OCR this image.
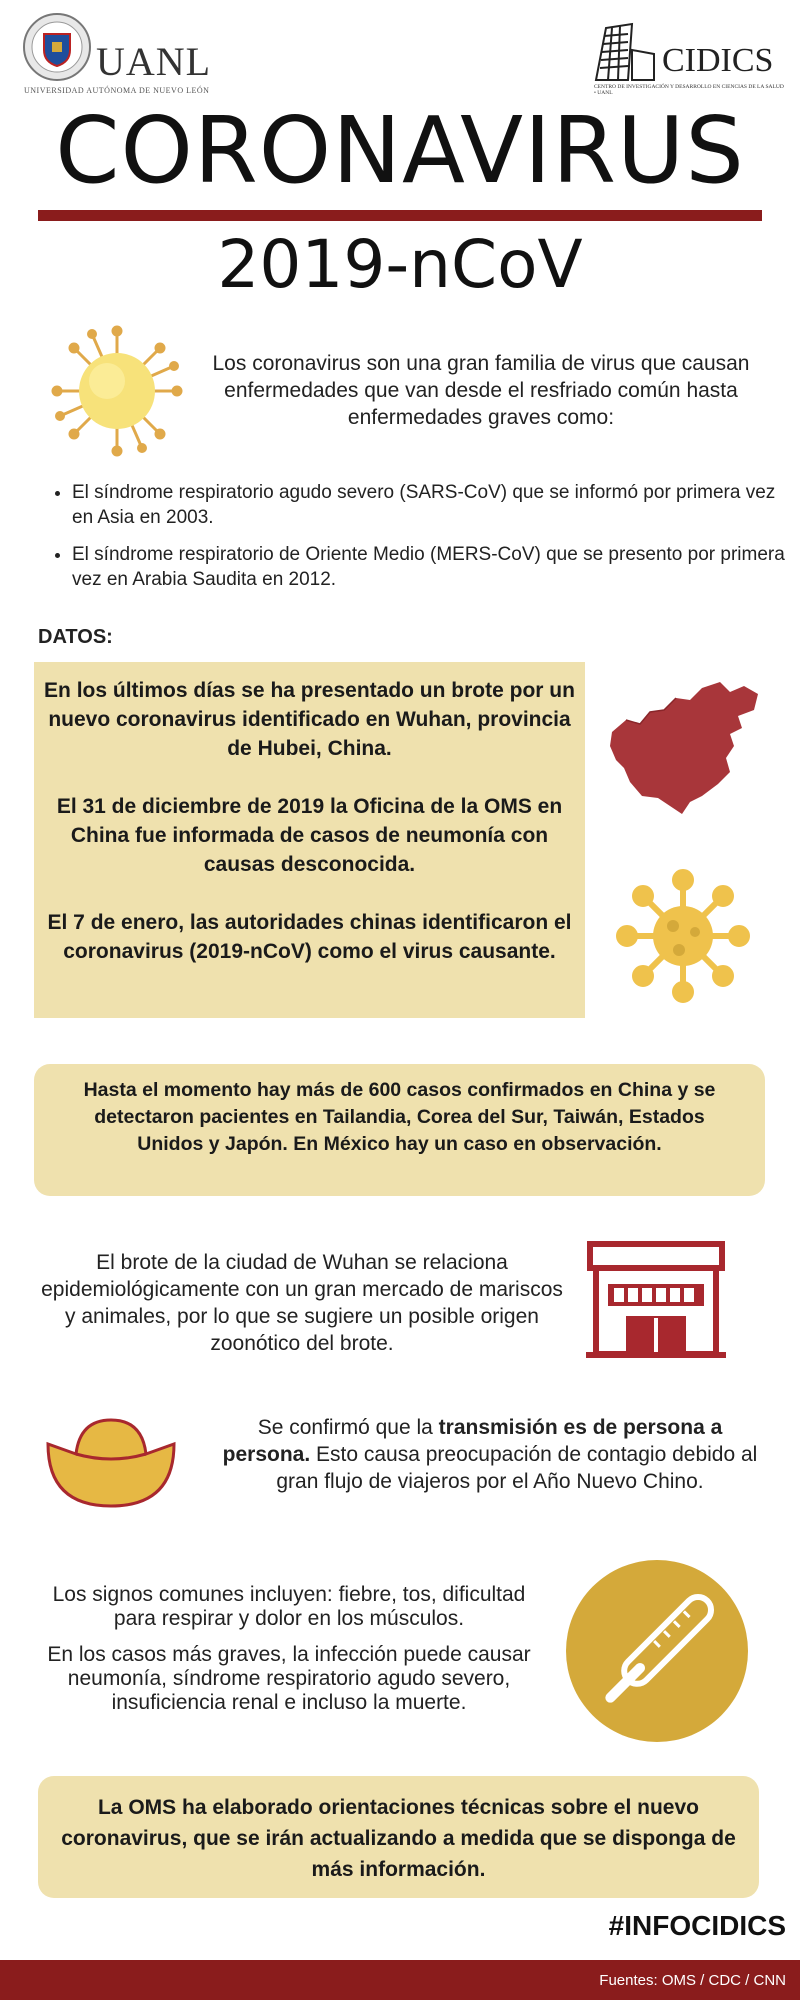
UANL
UNIVERSIDAD AUTÓNOMA DE NUEVO LEÓN
CIDICS
CENTRO DE INVESTIGACIÓN Y DESARROLLO EN CIENCIAS DE LA SALUD • UANL
CORONAVIRUS
2019-nCoV
Los coronavirus son una gran familia de virus que causan enfermedades que van desde el resfriado común hasta enfermedades graves como:
• El síndrome respiratorio agudo severo (SARS-CoV) que se informó por primera vez en Asia en 2003.
• El síndrome respiratorio de Oriente Medio (MERS-CoV) que se presento por primera vez en Arabia Saudita en 2012.
DATOS:

En los últimos días se ha presentado un brote por un nuevo coronavirus identificado en Wuhan, provincia de Hubei, China.

El 31 de diciembre de 2019 la Oficina de la OMS en China fue informada de casos de neumonía con causas desconocida.

El 7 de enero, las autoridades chinas identificaron el coronavirus (2019-nCoV) como el virus causante.

Hasta el momento hay más de 600 casos confirmados en China y se detectaron pacientes en Tailandia, Corea del Sur, Taiwán, Estados Unidos y Japón. En México hay un caso en observación.
El brote de la ciudad de Wuhan se relaciona epidemiológicamente con un gran mercado de mariscos y animales, por lo que se sugiere un posible origen zoonótico del brote.
Se confirmó que la transmisión es de persona a persona. Esto causa preocupación de contagio debido al gran flujo de viajeros por el Año Nuevo Chino.

Los signos comunes incluyen: fiebre, tos, dificultad para respirar y dolor en los músculos.

En los casos más graves, la infección puede causar neumonía, síndrome respiratorio agudo severo, insuficiencia renal e incluso la muerte.

La OMS ha elaborado orientaciones técnicas sobre el nuevo coronavirus, que se irán actualizando a medida que se disponga de más información.
#INFOCIDICS
Fuentes: OMS / CDC / CNN
